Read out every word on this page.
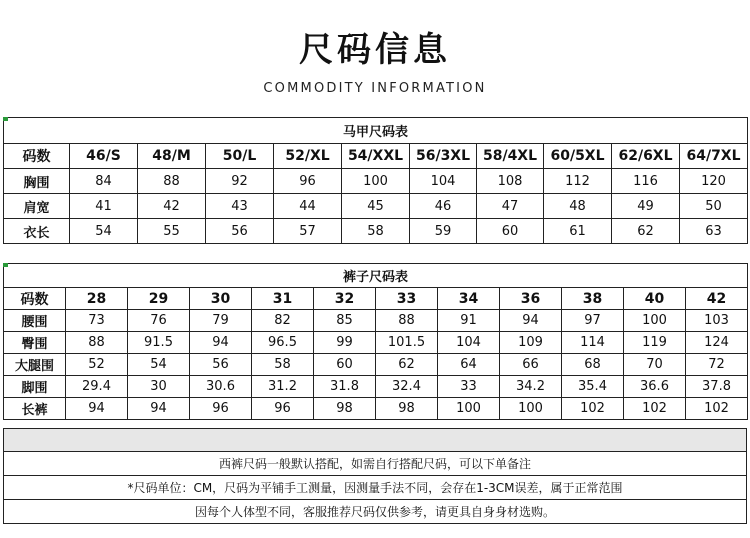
尺码信息
COMMODITY INFORMATION
马甲尺码表										
码数	46/S	48/M	50/L	52/XL	54/XXL	56/3XL	58/4XL	60/5XL	62/6XL	64/7XL
胸围	84	88	92	96	100	104	108	112	116	120
肩宽	41	42	43	44	45	46	47	48	49	50
衣长	54	55	56	57	58	59	60	61	62	63
裤子尺码表											
码数	28	29	30	31	32	33	34	36	38	40	42
腰围	73	76	79	82	85	88	91	94	97	100	103
臀围	88	91.5	94	96.5	99	101.5	104	109	114	119	124
大腿围	52	54	56	58	60	62	64	66	68	70	72
脚围	29.4	30	30.6	31.2	31.8	32.4	33	34.2	35.4	36.6	37.8
长裤	94	94	96	96	98	98	100	100	102	102	102
西裤尺码一般默认搭配，如需自行搭配尺码，可以下单备注
*尺码单位：CM，尺码为平铺手工测量，因测量手法不同，会存在1-3CM误差，属于正常范围
因每个人体型不同，客服推荐尺码仅供参考，请更具自身身材选购。
